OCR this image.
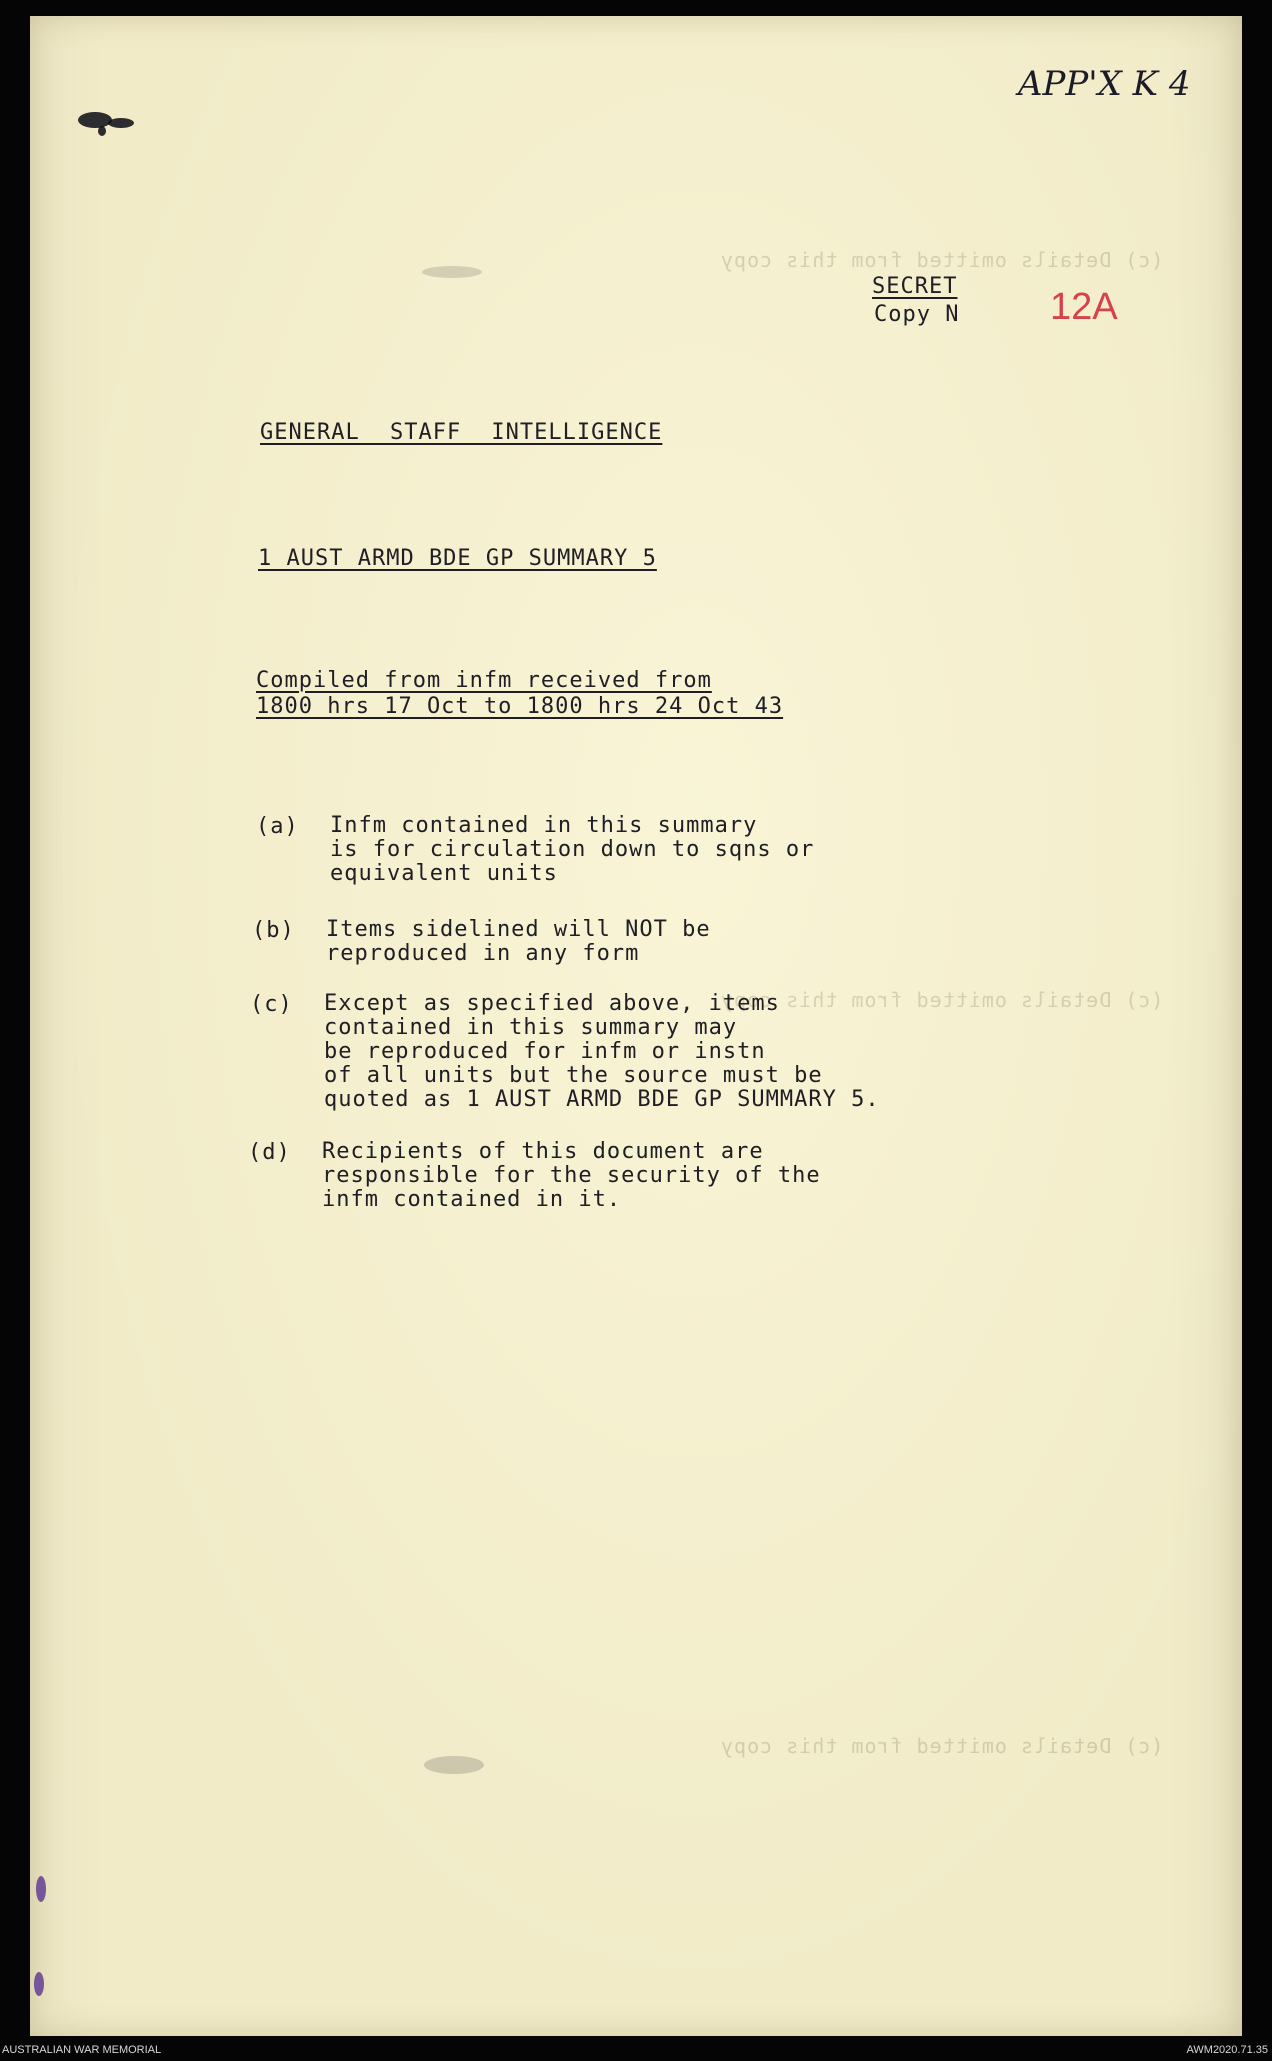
(c) Details omitted from this copy
(c) Details omitted from this copy
(c) Details omitted from this copy
APP'X K 4
SECRET
Copy N 12A
GENERAL STAFF INTELLIGENCE
1 AUST ARMD BDE GP SUMMARY 5
Compiled from infm received from
1800 hrs 17 Oct to 1800 hrs 24 Oct 43
(a) Infm contained in this summary
is for circulation down to sqns or
equivalent units
(b) Items sidelined will NOT be
reproduced in any form
(c) Except as specified above, items
contained in this summary may
be reproduced for infm or instn
of all units but the source must be
quoted as 1 AUST ARMD BDE GP SUMMARY 5.
(d) Recipients of this document are
responsible for the security of the
infm contained in it.
AUSTRALIAN WAR MEMORIAL	AWM2020.71.35
